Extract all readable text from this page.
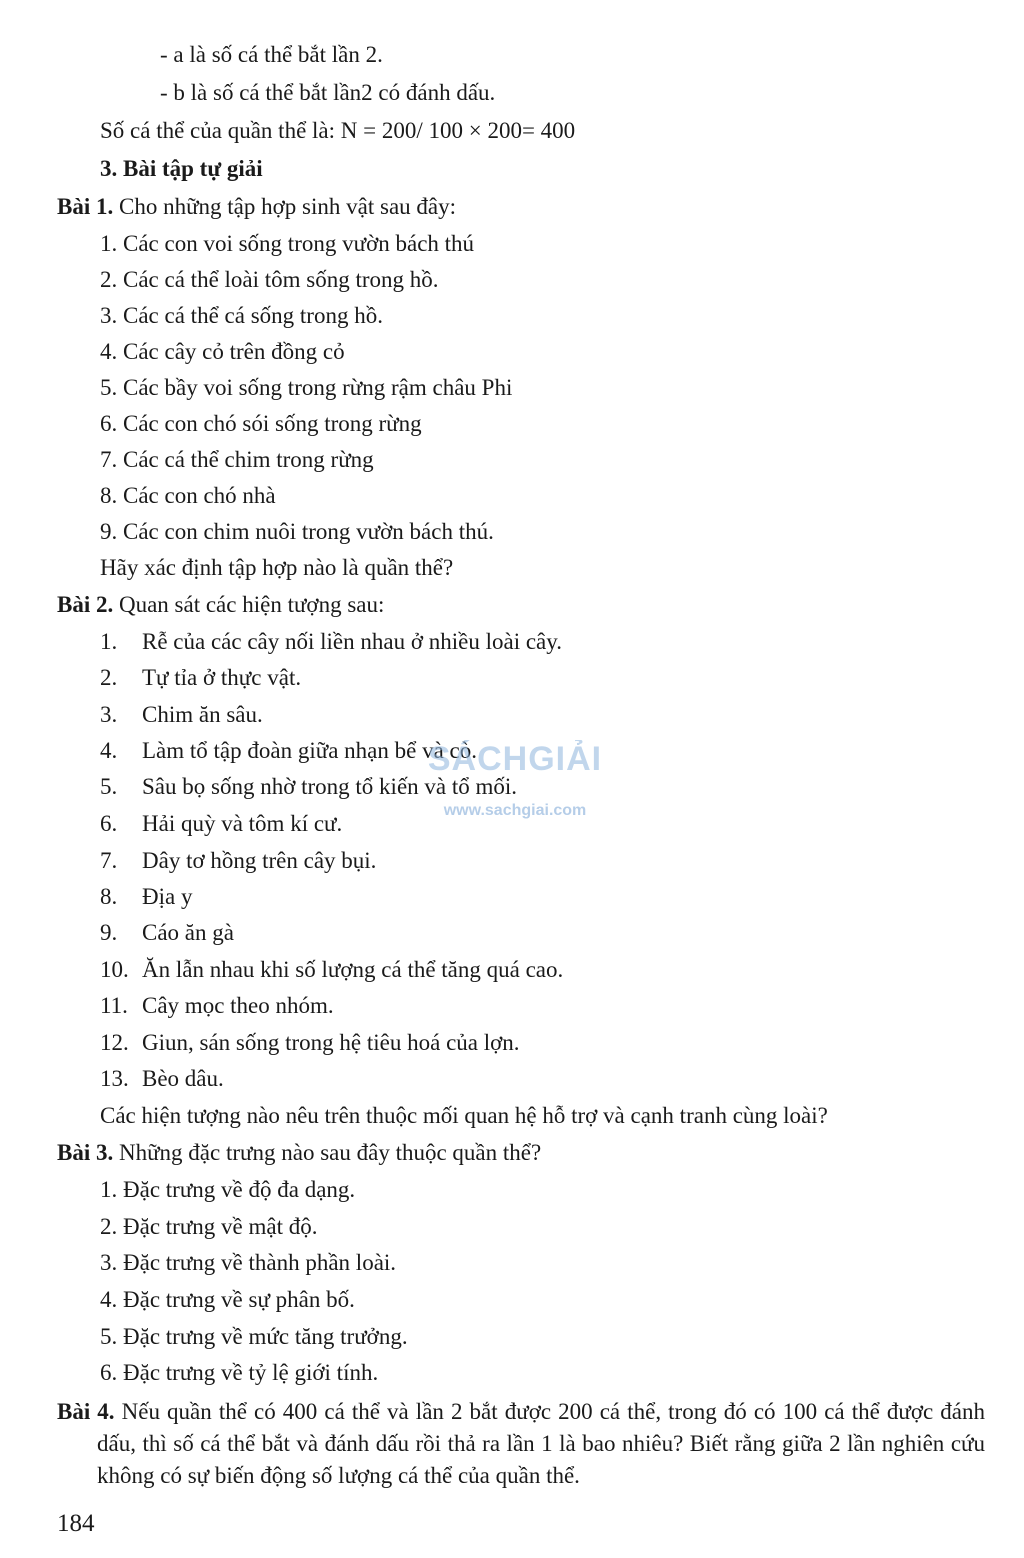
- a là số cá thể bắt lần 2.
- b là số cá thể bắt lần2 có đánh dấu.
Số cá thể của quần thể là: N = 200/ 100 × 200= 400
3. Bài tập tự giải
Bài 1. Cho những tập hợp sinh vật sau đây:
1. Các con voi sống trong vườn bách thú
2. Các cá thể loài tôm sống trong hồ.
3. Các cá thể cá sống trong hồ.
4. Các cây cỏ trên đồng cỏ
5. Các bầy voi sống trong rừng rậm châu Phi
6. Các con chó sói sống trong rừng
7. Các cá thể chim trong rừng
8. Các con chó nhà
9. Các con chim nuôi trong vườn bách thú.
Hãy xác định tập hợp nào là quần thể?
Bài 2. Quan sát các hiện tượng sau:
1. Rễ của các cây nối liền nhau ở nhiều loài cây.
2. Tự tỉa ở thực vật.
3. Chim ăn sâu.
4. Làm tổ tập đoàn giữa nhạn bể và cò.
5. Sâu bọ sống nhờ trong tổ kiến và tổ mối.
6. Hải quỳ và tôm kí cư.
7. Dây tơ hồng trên cây bụi.
8. Địa y
9. Cáo ăn gà
10. Ăn lẫn nhau khi số lượng cá thể tăng quá cao.
11. Cây mọc theo nhóm.
12. Giun, sán sống trong hệ tiêu hoá của lợn.
13. Bèo dâu.
Các hiện tượng nào nêu trên thuộc mối quan hệ hỗ trợ và cạnh tranh cùng loài?
Bài 3. Những đặc trưng nào sau đây thuộc quần thể?
1. Đặc trưng về độ đa dạng.
2. Đặc trưng về mật độ.
3. Đặc trưng về thành phần loài.
4. Đặc trưng về sự phân bố.
5. Đặc trưng về mức tăng trưởng.
6. Đặc trưng về tỷ lệ giới tính.
Bài 4. Nếu quần thể có 400 cá thể và lần 2 bắt được 200 cá thể, trong đó có 100 cá thể được đánh dấu, thì số cá thể bắt và đánh dấu rồi thả ra lần 1 là bao nhiêu? Biết rằng giữa 2 lần nghiên cứu không có sự biến động số lượng cá thể của quần thể.
SÁCHGIẢI
www.sachgiai.com
184
